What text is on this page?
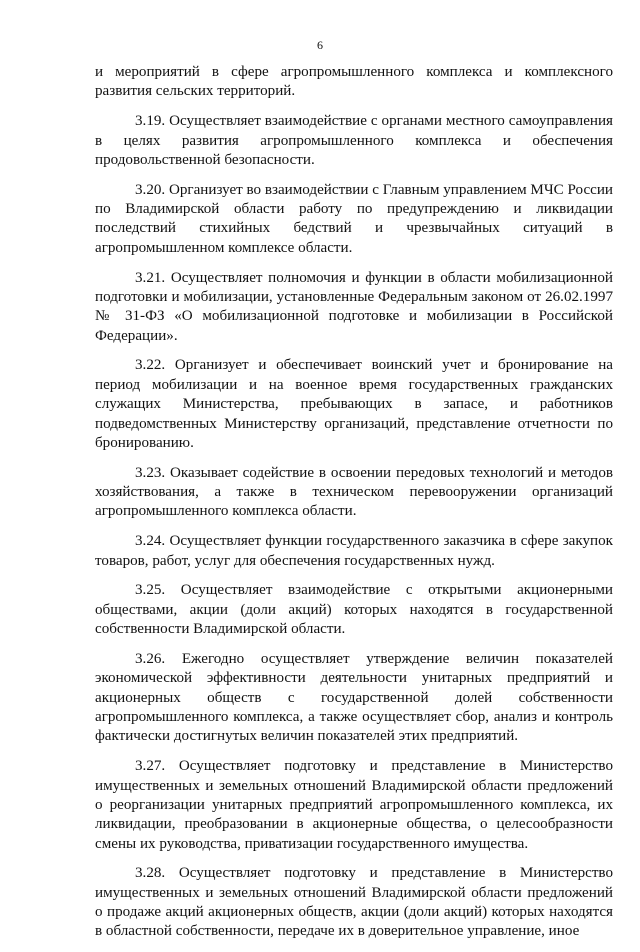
6

и мероприятий в сфере агропромышленного комплекса и комплексного развития сельских территорий.

3.19. Осуществляет взаимодействие с органами местного самоуправления в целях развития агропромышленного комплекса и обеспечения продовольственной безопасности.

3.20. Организует во взаимодействии с Главным управлением МЧС России по Владимирской области работу по предупреждению и ликвидации последствий стихийных бедствий и чрезвычайных ситуаций в агропромышленном комплексе области.

3.21. Осуществляет полномочия и функции в области мобилизационной подготовки и мобилизации, установленные Федеральным законом от 26.02.1997 № 31-ФЗ «О мобилизационной подготовке и мобилизации в Российской Федерации».

3.22. Организует и обеспечивает воинский учет и бронирование на период мобилизации и на военное время государственных гражданских служащих Министерства, пребывающих в запасе, и работников подведомственных Министерству организаций, представление отчетности по бронированию.

3.23. Оказывает содействие в освоении передовых технологий и методов хозяйствования, а также в техническом перевооружении организаций агропромышленного комплекса области.

3.24. Осуществляет функции государственного заказчика в сфере закупок товаров, работ, услуг для обеспечения государственных нужд.

3.25. Осуществляет взаимодействие с открытыми акционерными обществами, акции (доли акций) которых находятся в государственной собственности Владимирской области.

3.26. Ежегодно осуществляет утверждение величин показателей экономической эффективности деятельности унитарных предприятий и акционерных обществ с государственной долей собственности агропромышленного комплекса, а также осуществляет сбор, анализ и контроль фактически достигнутых величин показателей этих предприятий.

3.27. Осуществляет подготовку и представление в Министерство имущественных и земельных отношений Владимирской области предложений о реорганизации унитарных предприятий агропромышленного комплекса, их ликвидации, преобразовании в акционерные общества, о целесообразности смены их руководства, приватизации государственного имущества.

3.28. Осуществляет подготовку и представление в Министерство имущественных и земельных отношений Владимирской области предложений о продаже акций акционерных обществ, акции (доли акций) которых находятся в областной собственности, передаче их в доверительное управление, иное
